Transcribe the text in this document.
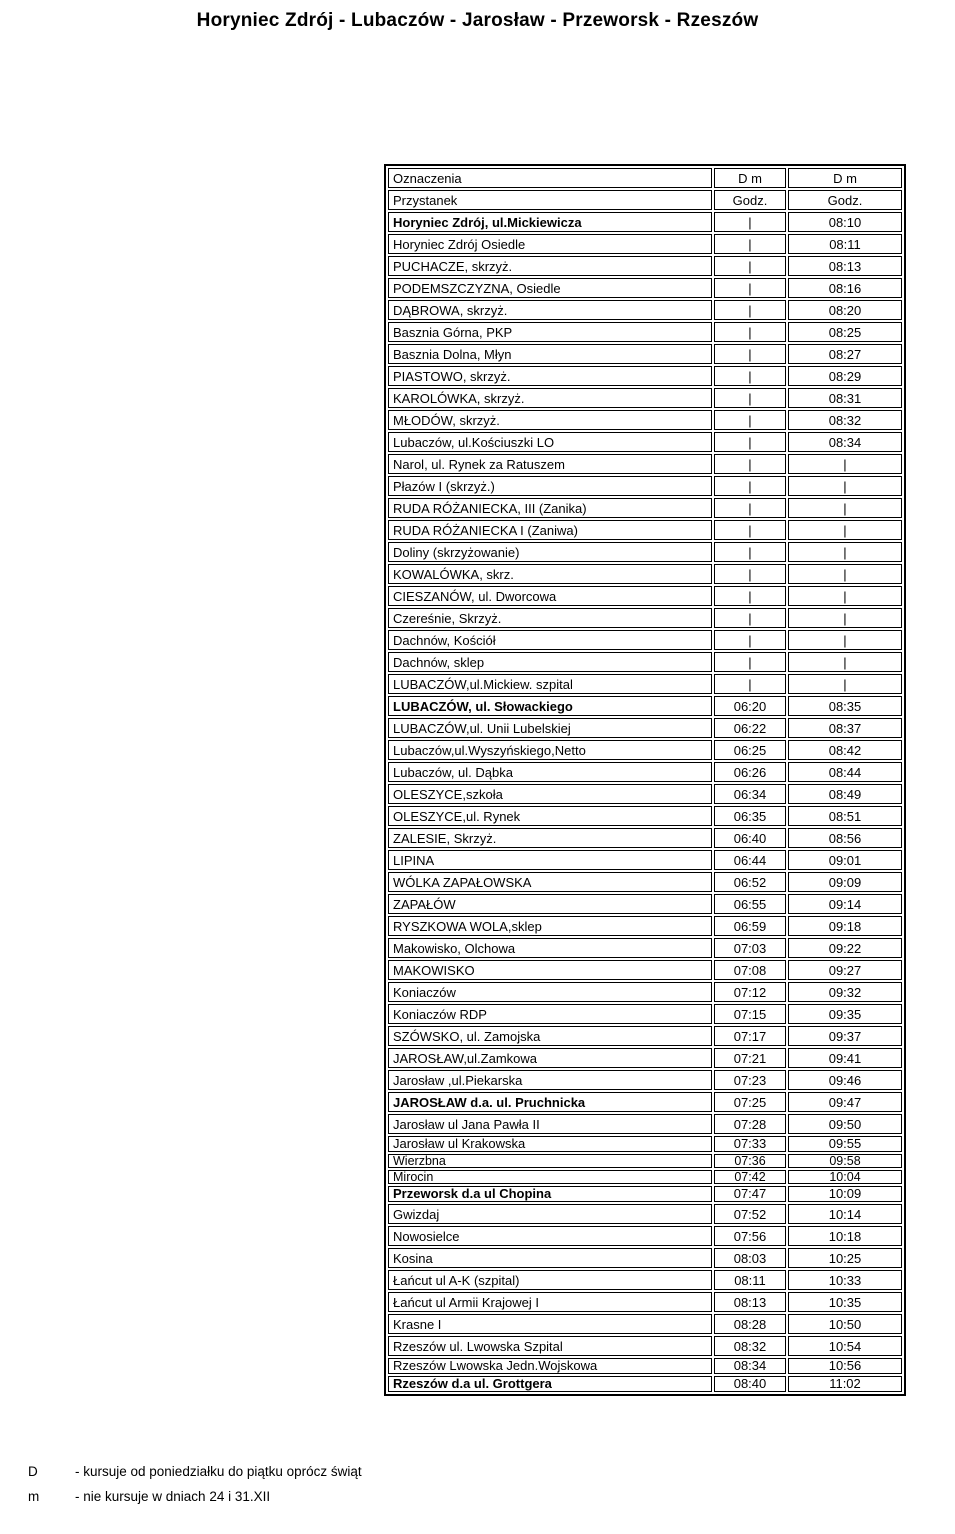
Horyniec Zdrój - Lubaczów - Jarosław - Przeworsk - Rzeszów
Oznaczenia	D m	D m
Przystanek	Godz.	Godz.
Horyniec Zdrój, ul.Mickiewicza	|	08:10
Horyniec Zdrój Osiedle	|	08:11
PUCHACZE, skrzyż.	|	08:13
PODEMSZCZYZNA, Osiedle	|	08:16
DĄBROWA, skrzyż.	|	08:20
Basznia Górna, PKP	|	08:25
Basznia Dolna, Młyn	|	08:27
PIASTOWO, skrzyż.	|	08:29
KAROLÓWKA, skrzyż.	|	08:31
MŁODÓW, skrzyż.	|	08:32
Lubaczów, ul.Kościuszki LO	|	08:34
Narol, ul. Rynek za Ratuszem	|	|
Płazów I (skrzyż.)	|	|
RUDA RÓŻANIECKA, III (Zanika)	|	|
RUDA RÓŻANIECKA I (Zaniwa)	|	|
Doliny (skrzyżowanie)	|	|
KOWALÓWKA, skrz.	|	|
CIESZANÓW, ul. Dworcowa	|	|
Czereśnie, Skrzyż.	|	|
Dachnów, Kościół	|	|
Dachnów, sklep	|	|
LUBACZÓW,ul.Mickiew. szpital	|	|
LUBACZÓW, ul. Słowackiego	06:20	08:35
LUBACZÓW,ul. Unii Lubelskiej	06:22	08:37
Lubaczów,ul.Wyszyńskiego,Netto	06:25	08:42
Lubaczów, ul. Dąbka	06:26	08:44
OLESZYCE,szkoła	06:34	08:49
OLESZYCE,ul. Rynek	06:35	08:51
ZALESIE, Skrzyż.	06:40	08:56
LIPINA	06:44	09:01
WÓLKA ZAPAŁOWSKA	06:52	09:09
ZAPAŁÓW	06:55	09:14
RYSZKOWA WOLA,sklep	06:59	09:18
Makowisko, Olchowa	07:03	09:22
MAKOWISKO	07:08	09:27
Koniaczów	07:12	09:32
Koniaczów RDP	07:15	09:35
SZÓWSKO, ul. Zamojska	07:17	09:37
JAROSŁAW,ul.Zamkowa	07:21	09:41
Jarosław ,ul.Piekarska	07:23	09:46
JAROSŁAW d.a. ul. Pruchnicka	07:25	09:47
Jarosław ul Jana Pawła II	07:28	09:50
Jarosław ul Krakowska	07:33	09:55
Wierzbna	07:36	09:58
Mirocin	07:42	10:04
Przeworsk d.a ul Chopina	07:47	10:09
Gwizdaj	07:52	10:14
Nowosielce	07:56	10:18
Kosina	08:03	10:25
Łańcut ul A-K (szpital)	08:11	10:33
Łańcut ul Armii Krajowej I	08:13	10:35
Krasne I	08:28	10:50
Rzeszów ul. Lwowska Szpital	08:32	10:54
Rzeszów Lwowska Jedn.Wojskowa	08:34	10:56
Rzeszów d.a ul. Grottgera	08:40	11:02
D	- kursuje od poniedziałku do piątku oprócz świąt
m	- nie kursuje w dniach 24 i 31.XII
